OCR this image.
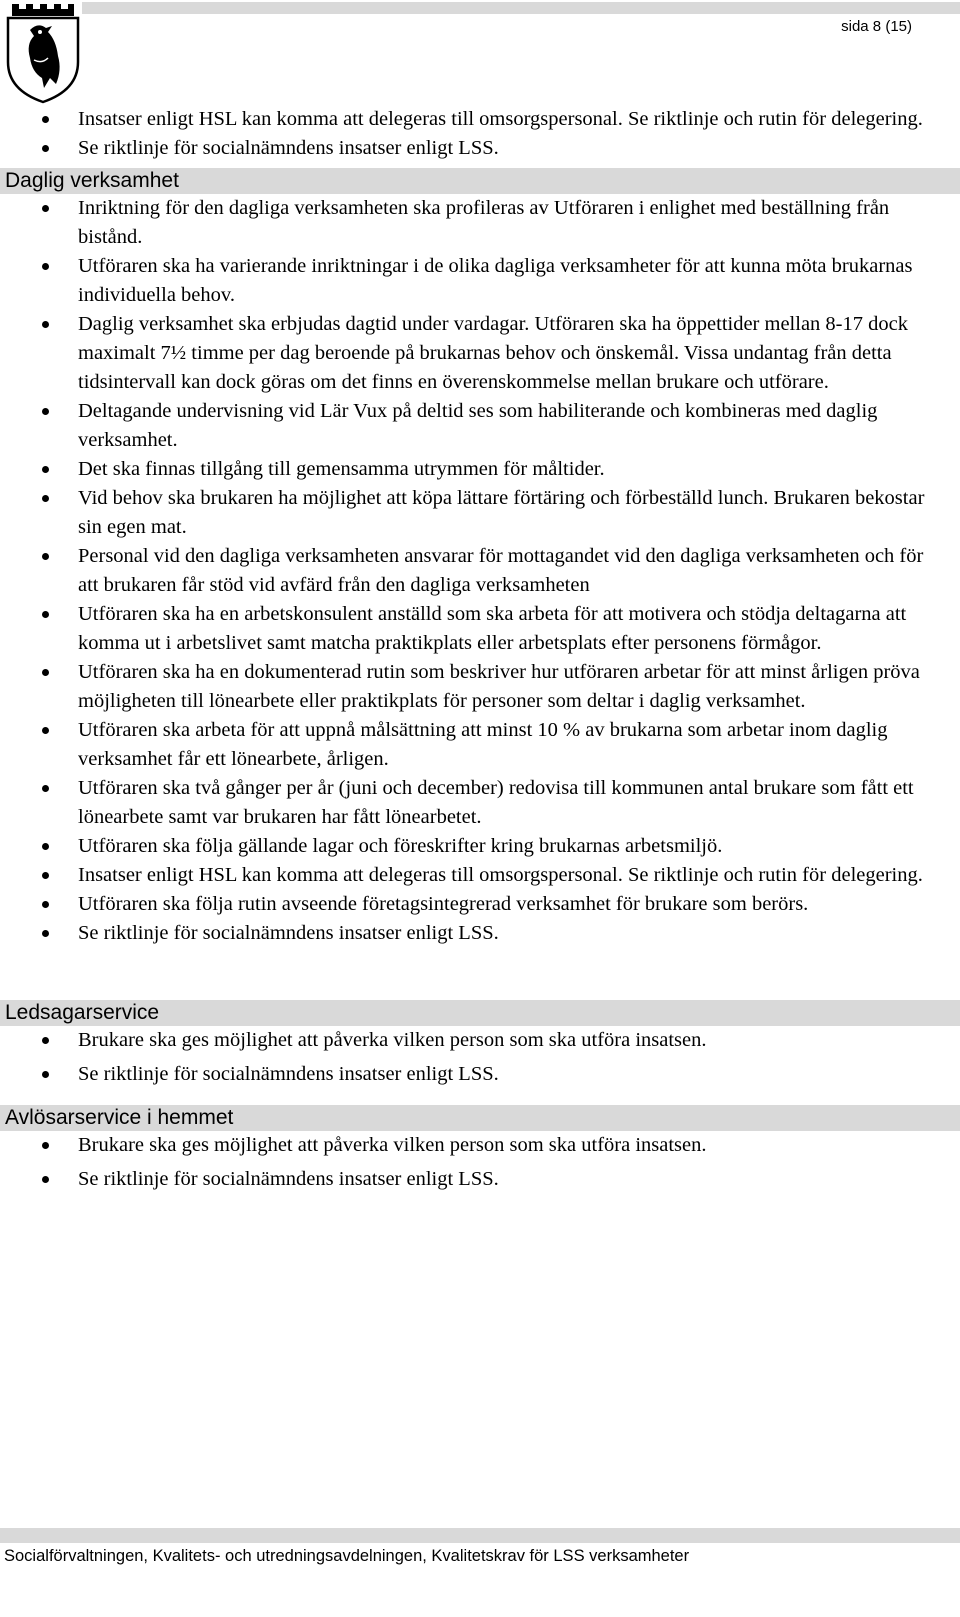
sida 8 (15)
Insatser enligt HSL kan komma att delegeras till omsorgspersonal. Se riktlinje och rutin för delegering.
Se riktlinje för socialnämndens insatser enligt LSS.
Daglig verksamhet
Inriktning för den dagliga verksamheten ska profileras av Utföraren i enlighet med beställning från bistånd.
Utföraren ska ha varierande inriktningar i de olika dagliga verksamheter för att kunna möta brukarnas individuella behov.
Daglig verksamhet ska erbjudas dagtid under vardagar. Utföraren ska ha öppettider mellan 8-17 dock maximalt 7½ timme per dag beroende på brukarnas behov och önskemål. Vissa undantag från detta tidsintervall kan dock göras om det finns en överenskommelse mellan brukare och utförare.
Deltagande undervisning vid Lär Vux på deltid ses som habiliterande och kombineras med daglig verksamhet.
Det ska finnas tillgång till gemensamma utrymmen för måltider.
Vid behov ska brukaren ha möjlighet att köpa lättare förtäring och förbeställd lunch. Brukaren bekostar sin egen mat.
Personal vid den dagliga verksamheten ansvarar för mottagandet vid den dagliga verksamheten och för att brukaren får stöd vid avfärd från den dagliga verksamheten
Utföraren ska ha en arbetskonsulent anställd som ska arbeta för att motivera och stödja deltagarna att komma ut i arbetslivet samt matcha praktikplats eller arbetsplats efter personens förmågor.
Utföraren ska ha en dokumenterad rutin som beskriver hur utföraren arbetar för att minst årligen pröva möjligheten till lönearbete eller praktikplats för personer som deltar i daglig verksamhet.
Utföraren ska arbeta för att uppnå målsättning att minst 10 % av brukarna som arbetar inom daglig verksamhet får ett lönearbete, årligen.
Utföraren ska två gånger per år (juni och december) redovisa till kommunen antal brukare som fått ett lönearbete samt var brukaren har fått lönearbetet.
Utföraren ska följa gällande lagar och föreskrifter kring brukarnas arbetsmiljö.
Insatser enligt HSL kan komma att delegeras till omsorgspersonal. Se riktlinje och rutin för delegering.
Utföraren ska följa rutin avseende företagsintegrerad verksamhet för brukare som berörs.
Se riktlinje för socialnämndens insatser enligt LSS.
Ledsagarservice
Brukare ska ges möjlighet att påverka vilken person som ska utföra insatsen.
Se riktlinje för socialnämndens insatser enligt LSS.
Avlösarservice i hemmet
Brukare ska ges möjlighet att påverka vilken person som ska utföra insatsen.
Se riktlinje för socialnämndens insatser enligt LSS.
Socialförvaltningen, Kvalitets- och utredningsavdelningen, Kvalitetskrav för LSS verksamheter
